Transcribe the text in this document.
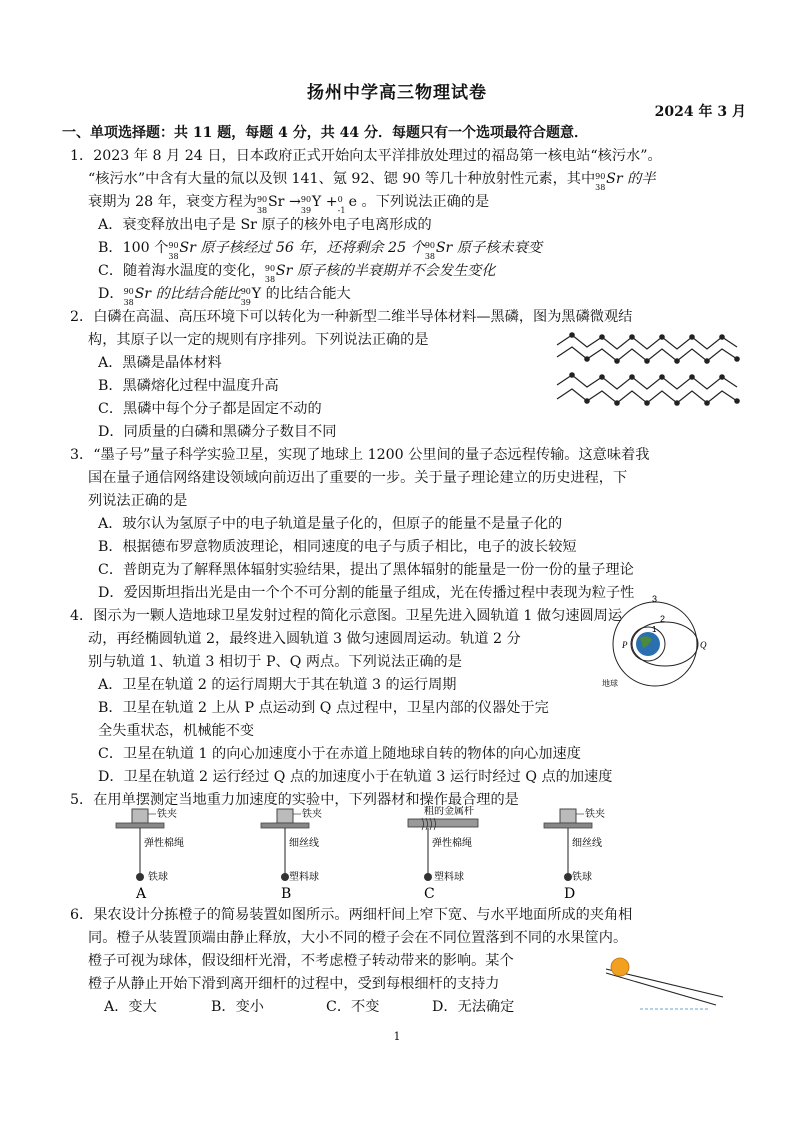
扬州中学高三物理试卷
2024 年 3 月
一、单项选择题：共 11 题，每题 4 分，共 44 分．每题只有一个选项最符合题意．
1．2023 年 8 月 24 日，日本政府正式开始向太平洋排放处理过的福岛第一核电站“核污水”。
“核污水”中含有大量的氚以及钡 141、氪 92、锶 90 等几十种放射性元素，其中 90
38
Sr 的半
衰期为 28 年，衰变方程为 90
38
Sr → 90
39
Y + 0
-1
e 。下列说法正确的是
A．衰变释放出电子是 Sr 原子的核外电子电离形成的
B．100 个 90
38
Sr 原子核经过 56 年，还将剩余 25 个 90
38
Sr 原子核未衰变
C．随着海水温度的变化， 90
38
Sr 原子核的半衰期并不会发生变化
D． 90
38
Sr 的比结合能比 90
39
Y 的比结合能大
2．白磷在高温、高压环境下可以转化为一种新型二维半导体材料—黑磷，图为黑磷微观结
构，其原子以一定的规则有序排列。下列说法正确的是
A．黑磷是晶体材料
B．黑磷熔化过程中温度升高
C．黑磷中每个分子都是固定不动的
D．同质量的白磷和黑磷分子数目不同
3．“墨子号”量子科学实验卫星，实现了地球上 1200 公里间的量子态远程传输。这意味着我
国在量子通信网络建设领域向前迈出了重要的一步。关于量子理论建立的历史进程，下
列说法正确的是
A．玻尔认为氢原子中的电子轨道是量子化的，但原子的能量不是量子化的
B．根据德布罗意物质波理论，相同速度的电子与质子相比，电子的波长较短
C．普朗克为了解释黑体辐射实验结果，提出了黑体辐射的能量是一份一份的量子理论
D．爱因斯坦指出光是由一个个不可分割的能量子组成，光在传播过程中表现为粒子性
4．图示为一颗人造地球卫星发射过程的简化示意图。卫星先进入圆轨道 1 做匀速圆周运
动，再经椭圆轨道 2，最终进入圆轨道 3 做匀速圆周运动。轨道 2 分
别与轨道 1、轨道 3 相切于 P、Q 两点。下列说法正确的是
A．卫星在轨道 2 的运行周期大于其在轨道 3 的运行周期
B．卫星在轨道 2 上从 P 点运动到 Q 点过程中，卫星内部的仪器处于完
全失重状态，机械能不变
C．卫星在轨道 1 的向心加速度小于在赤道上随地球自转的物体的向心加速度
D．卫星在轨道 2 运行经过 Q 点的加速度小于在轨道 3 运行时经过 Q 点的加速度
3
2
1
P	Q
地球
5．在用单摆测定当地重力加速度的实验中，下列器材和操作最合理的是
铁夹
弹性棉绳
铁球
A
铁夹
细丝线
塑料球
B
粗的金属杆
弹性棉绳
塑料球
C
铁夹
细丝线
铁球
D
6．果农设计分拣橙子的简易装置如图所示。两细杆间上窄下宽、与水平地面所成的夹角相
同。橙子从装置顶端由静止释放，大小不同的橙子会在不同位置落到不同的水果筐内。
橙子可视为球体，假设细杆光滑，不考虑橙子转动带来的影响。某个
橙子从静止开始下滑到离开细杆的过程中，受到每根细杆的支持力
A．变大	B．变小	C．不变	D．无法确定
1
